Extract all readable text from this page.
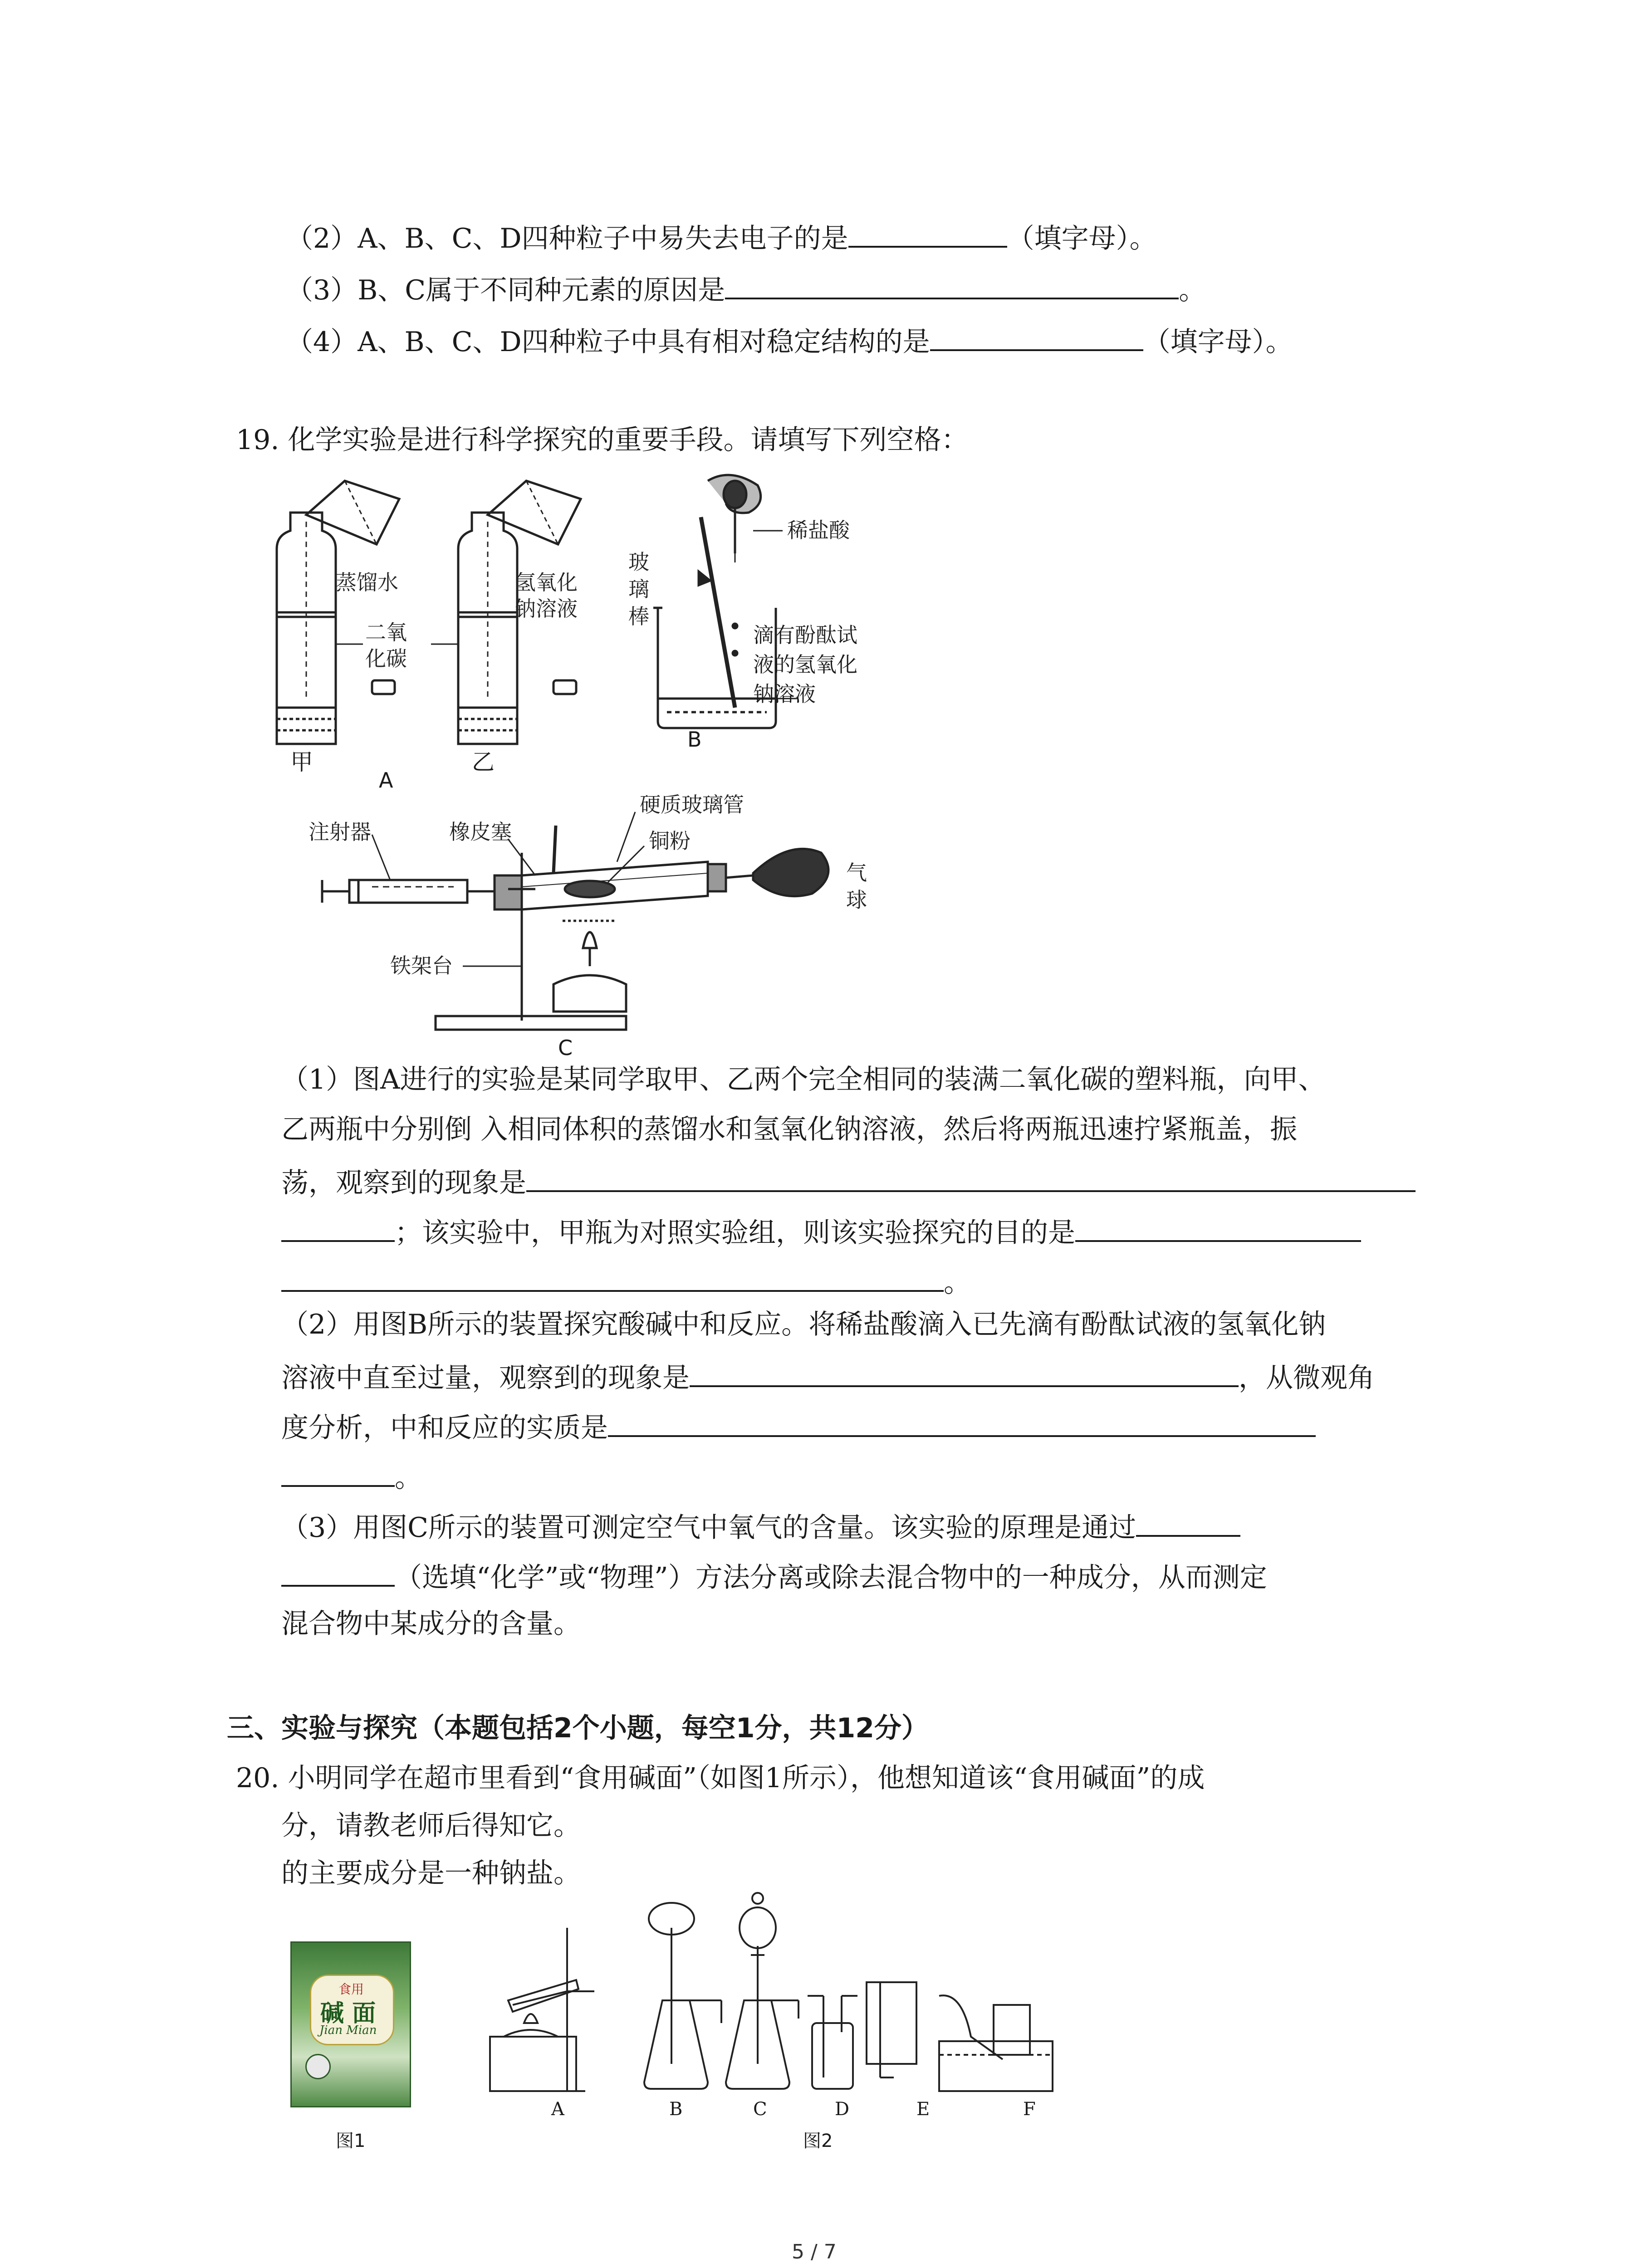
（2）A、B、C、D四种粒子中易失去电子的是	（填字母）。
（3）B、C属于不同种元素的原因是	。
（4）A、B、C、D四种粒子中具有相对稳定结构的是	（填字母）。
19. 化学实验是进行科学探究的重要手段。请填写下列空格：
蒸馏水	氢氧化
钠溶液
二氧
化碳
甲	乙
A
稀盐酸
玻
璃
棒
滴有酚酞试
液的氢氧化
钠溶液
B
硬质玻璃管
注射器	橡皮塞	铜粉
气
球
铁架台
C
（1）图A进行的实验是某同学取甲、乙两个完全相同的装满二氧化碳的塑料瓶，向甲、
乙两瓶中分别倒 入相同体积的蒸馏水和氢氧化钠溶液，然后将两瓶迅速拧紧瓶盖，振
荡，观察到的现象是
；该实验中，甲瓶为对照实验组，则该实验探究的目的是
。
（2）用图B所示的装置探究酸碱中和反应。将稀盐酸滴入已先滴有酚酞试液的氢氧化钠
溶液中直至过量，观察到的现象是	，从微观角
度分析，中和反应的实质是
。
（3）用图C所示的装置可测定空气中氧气的含量。该实验的原理是通过
（选填“化学”或“物理”）方法分离或除去混合物中的一种成分，从而测定
混合物中某成分的含量。
三、实验与探究（本题包括2个小题，每空1分，共12分）
20. 小明同学在超市里看到“食用碱面”（如图1所示），他想知道该“食用碱面”的成
分，请教老师后得知它。
的主要成分是一种钠盐。
食用
碱 面
Jian Mian
图1
A	B	C	D	E	F
图2
5 / 7
